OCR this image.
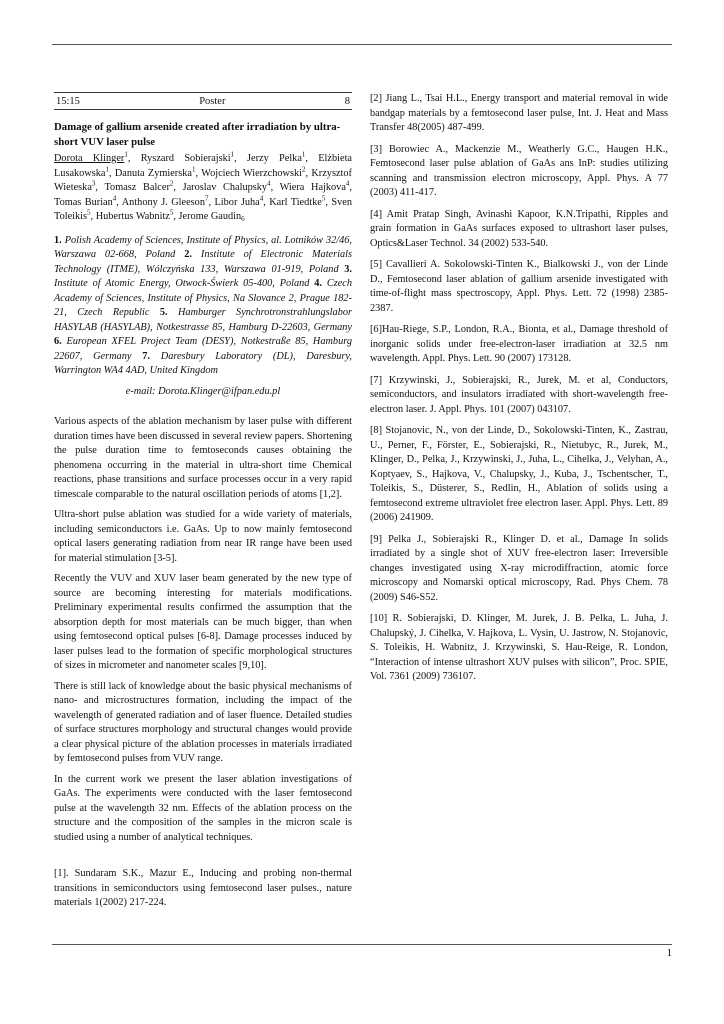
15:15	Poster	8
Damage of gallium arsenide created after irradiation by ultra-short VUV laser pulse

Dorota Klinger$^1$, Ryszard Sobierajski$^1$, Jerzy Pelka$^1$, Elżbieta Lusakowska$^1$, Danuta Zymierska$^1$, Wojciech Wierzchowski$^2$, Krzysztof Wieteska$^3$, Tomasz Balcer$^2$, Jaroslav Chalupsky$^4$, Wiera Hajkova$^4$, Tomas Burian$^4$, Anthony J. Gleeson$^7$, Libor Juha$^4$, Karl Tiedtke$^5$, Sven Toleikis$^5$, Hubertus Wabnitz$^5$, Jerome Gaudin6

1. Polish Academy of Sciences, Institute of Physics, al. Lotników 32/46, Warszawa 02-668, Poland 2. Institute of Electronic Materials Technology (ITME), Wólczyńska 133, Warszawa 01-919, Poland 3. Institute of Atomic Energy, Otwock-Świerk 05-400, Poland 4. Czech Academy of Sciences, Institute of Physics, Na Slovance 2, Prague 182-21, Czech Republic 5. Hamburger Synchrotronstrahlungslabor HASYLAB (HASYLAB), Notkestrasse 85, Hamburg D-22603, Germany 6. European XFEL Project Team (DESY), Notkestraße 85, Hamburg 22607, Germany 7. Daresbury Laboratory (DL), Daresbury, Warrington WA4 4AD, United Kingdom

e-mail: Dorota.Klinger@ifpan.edu.pl

Various aspects of the ablation mechanism by laser pulse with different duration times have been discussed in several review papers. Shortening the pulse duration time to femtoseconds causes obtaining the phenomena occurring in the material in ultra-short time Chemical reactions, phase transitions and surface processes occur in a very rapid timescale comparable to the natural oscillation periods of atoms [1,2].

Ultra-short pulse ablation was studied for a wide variety of materials, including semiconductors i.e. GaAs. Up to now mainly femtosecond optical lasers generating radiation from near IR range have been used for material stimulation [3-5].

Recently the VUV and XUV laser beam generated by the new type of source are becoming interesting for materials modifications. Preliminary experimental results confirmed the assumption that the absorption depth for most materials can be much bigger, than when using femtosecond optical pulses [6-8]. Damage processes induced by laser pulses lead to the formation of specific morphological structures of sizes in micrometer and nanometer scales [9,10].

There is still lack of knowledge about the basic physical mechanisms of nano- and microstructures formation, including the impact of the wavelength of generated radiation and of laser fluence. Detailed studies of surface structures morphology and structural changes would provide a clear physical picture of the ablation processes in materials irradiated by femtosecond pulses from VUV range.

In the current work we present the laser ablation investigations of GaAs. The experiments were conducted with the laser femtosecond pulse at the wavelength 32 nm. Effects of the ablation process on the structure and the composition of the samples in the micron scale is studied using a number of analytical techniques.

[1]. Sundaram S.K., Mazur E., Inducing and probing non-thermal transitions in semiconductors using femtosecond laser pulses., nature materials 1(2002) 217-224.

[2] Jiang L., Tsai H.L., Energy transport and material removal in wide bandgap materials by a femtosecond laser pulse, Int. J. Heat and Mass Transfer 48(2005) 487-499.

[3] Borowiec A., Mackenzie M., Weatherly G.C., Haugen H.K., Femtosecond laser pulse ablation of GaAs ans InP: studies utilizing scanning and transmission electron microscopy, Appl. Phys. A 77 (2003) 411-417.

[4] Amit Pratap Singh, Avinashi Kapoor, K.N.Tripathi, Ripples and grain formation in GaAs surfaces exposed to ultrashort laser pulses, Optics&Laser Technol. 34 (2002) 533-540.

[5] Cavallieri A. Sokolowski-Tinten K., Bialkowski J., von der Linde D., Femtosecond laser ablation of gallium arsenide investigated with time-of-flight mass spectroscopy, Appl. Phys. Lett. 72 (1998) 2385-2387.

[6]Hau-Riege, S.P., London, R.A., Bionta, et al., Damage threshold of inorganic solids under free-electron-laser irradiation at 32.5 nm wavelength. Appl. Phys. Lett. 90 (2007) 173128.

[7] Krzywinski, J., Sobierajski, R., Jurek, M. et al, Conductors, semiconductors, and insulators irradiated with short-wavelength free-electron laser. J. Appl. Phys. 101 (2007) 043107.

[8] Stojanovic, N., von der Linde, D., Sokolowski-Tinten, K., Zastrau, U., Perner, F., Förster, E., Sobierajski, R., Nietubyc, R., Jurek, M., Klinger, D., Pelka, J., Krzywinski, J., Juha, L., Cihelka, J., Velyhan, A., Koptyaev, S., Hajkova, V., Chalupsky, J., Kuba, J., Tschentscher, T., Toleikis, S., Düsterer, S., Redlin, H., Ablation of solids using a femtosecond extreme ultraviolet free electron laser. Appl. Phys. Lett. 89 (2006) 241909.

[9] Pelka J., Sobierajski R., Klinger D. et al., Damage In solids irradiated by a single shot of XUV free-electron laser: Irreversible changes investigated using X-ray microdiffraction, atomic force microscopy and Nomarski optical microscopy, Rad. Phys Chem. 78 (2009) S46-S52.

[10] R. Sobierajski, D. Klinger, M. Jurek, J. B. Pelka, L. Juha, J. Chalupský, J. Cihelka, V. Hajkova, L. Vysin, U. Jastrow, N. Stojanovic, S. Toleikis, H. Wabnitz, J. Krzywinski, S. Hau-Reige, R. London, “Interaction of intense ultrashort XUV pulses with silicon”, Proc. SPIE, Vol. 7361 (2009) 736107.

1
